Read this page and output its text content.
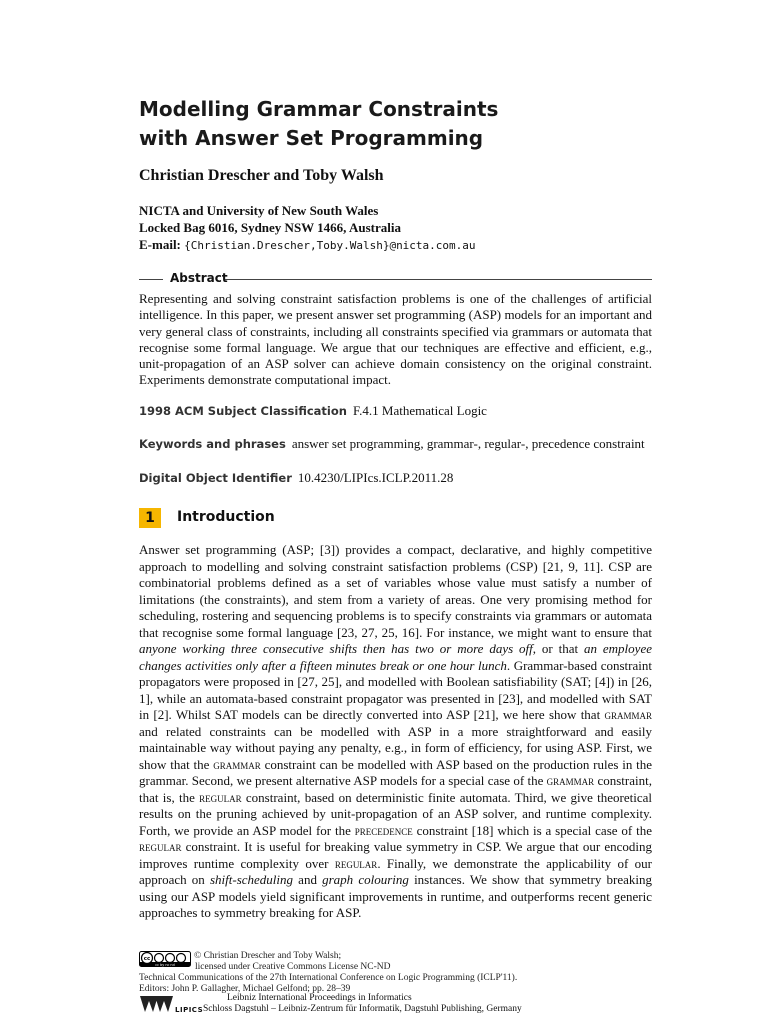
Modelling Grammar Constraints
with Answer Set Programming
Christian Drescher and Toby Walsh
NICTA and University of New South Wales
Locked Bag 6016, Sydney NSW 1466, Australia
E-mail: {Christian.Drescher,Toby.Walsh}@nicta.com.au
Abstract
Representing and solving constraint satisfaction problems is one of the challenges of artificial intelligence. In this paper, we present answer set programming (ASP) models for an important and very general class of constraints, including all constraints specified via grammars or automata that recognise some formal language. We argue that our techniques are effective and efficient, e.g., unit-propagation of an ASP solver can achieve domain consistency on the original constraint. Experiments demonstrate computational impact.
1998 ACM Subject Classification F.4.1 Mathematical Logic
Keywords and phrases answer set programming, grammar-, regular-, precedence constraint
Digital Object Identifier 10.4230/LIPIcs.ICLP.2011.28
1	Introduction
Answer set programming (ASP; [3]) provides a compact, declarative, and highly competitive approach to modelling and solving constraint satisfaction problems (CSP) [21, 9, 11]. CSP are combinatorial problems defined as a set of variables whose value must satisfy a number of limitations (the constraints), and stem from a variety of areas. One very promising method for scheduling, rostering and sequencing problems is to specify constraints via grammars or automata that recognise some formal language [23, 27, 25, 16]. For instance, we might want to ensure that anyone working three consecutive shifts then has two or more days off, or that an employee changes activities only after a fifteen minutes break or one hour lunch. Grammar-based constraint propagators were proposed in [27, 25], and modelled with Boolean satisfiability (SAT; [4]) in [26, 1], while an automata-based constraint propagator was presented in [23], and modelled with SAT in [2]. Whilst SAT models can be directly converted into ASP [21], we here show that grammar and related constraints can be modelled with ASP in a more straightforward and easily maintainable way without paying any penalty, e.g., in form of efficiency, for using ASP. First, we show that the grammar constraint can be modelled with ASP based on the production rules in the grammar. Second, we present alternative ASP models for a special case of the grammar constraint, that is, the regular constraint, based on deterministic finite automata. Third, we give theoretical results on the pruning achieved by unit-propagation of an ASP solver, and runtime complexity. Forth, we provide an ASP model for the precedence constraint [18] which is a special case of the regular constraint. It is useful for breaking value symmetry in CSP. We argue that our encoding improves runtime complexity over regular. Finally, we demonstrate the applicability of our approach on shift-scheduling and graph colouring instances. We show that symmetry breaking using our ASP models yield significant improvements in runtime, and outperforms recent generic approaches to symmetry breaking for ASP.
cc
cc by nc nd
© Christian Drescher and Toby Walsh;
licensed under Creative Commons License NC-ND
Technical Communications of the 27th International Conference on Logic Programming (ICLP'11).
Editors: John P. Gallagher, Michael Gelfond; pp. 28–39
LIPICS
Leibniz International Proceedings in Informatics
Schloss Dagstuhl – Leibniz-Zentrum für Informatik, Dagstuhl Publishing, Germany
